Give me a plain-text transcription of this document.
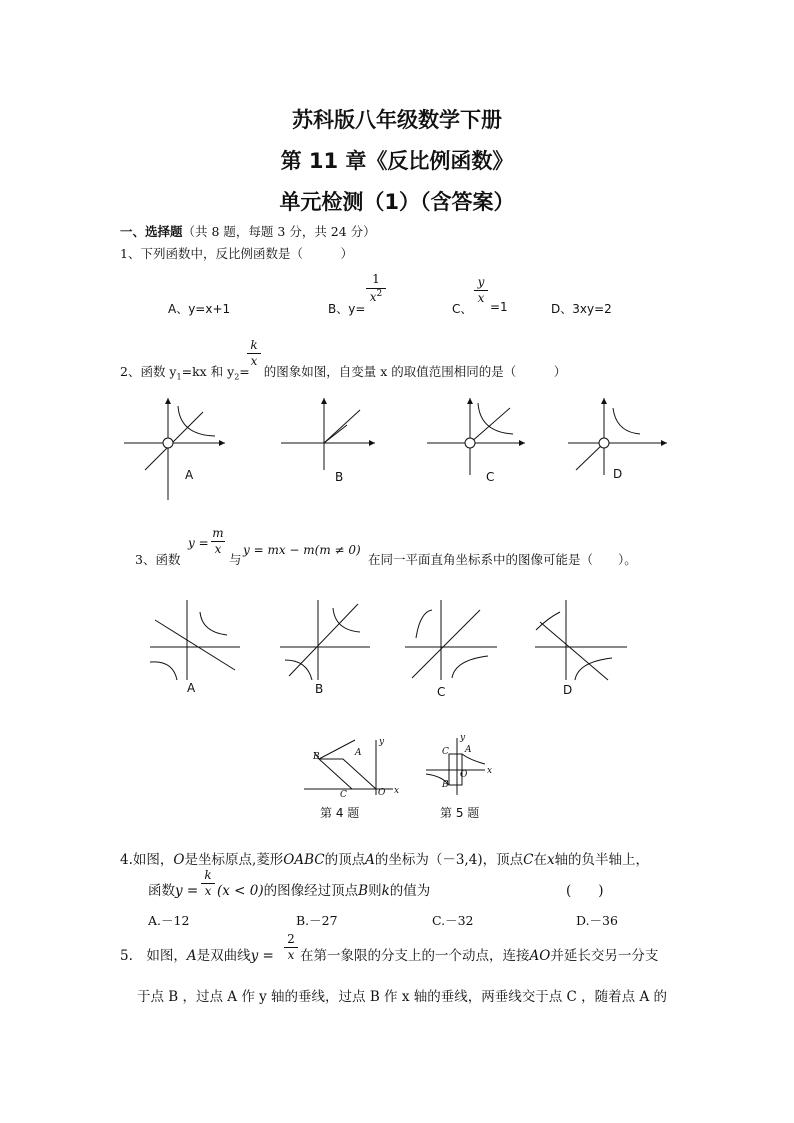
苏科版八年级数学下册
第 11 章《反比例函数》
单元检测（1）（含答案）
一、选择题（共 8 题，每题 3 分，共 24 分）
1、下列函数中，反比例函数是（　　　）
A、y=x+1	B、y=
$\frac{1}{x^2}$
C、
$\frac{y}{x}$
=1	D、3xy=2
2、函数 $y_1=kx$ 和 $y_2=$ 的图象如图，自变量 x 的取值范围相同的是（　　　）
$\frac{k}{x}$
A	B	C	D
3、函数
$y = \frac{m}{x}$
与
y = mx − m(m ≠ 0)
在同一平面直角坐标系中的图像可能是（　　）。
A	B	C	D
B	A
C	O x
y
C A
B
O x
y
第 4 题	第 5 题
4.如图，O是坐标原点,菱形OABC的顶点A的坐标为（－3,4)，顶点C在x轴的负半轴上，
函数$y = \frac{k}{x} (x < 0)$的图像经过顶点B则k的值为	(　　)
A.－12	B.－27	C.－32	D.－36
5.　如图，A是双曲线$y = \frac{2}{x}$ 在第一象限的分支上的一个动点，连接AO并延长交另一分支
于点 B ，过点 A 作 y 轴的垂线，过点 B 作 x 轴的垂线，两垂线交于点 C ，随着点 A 的
